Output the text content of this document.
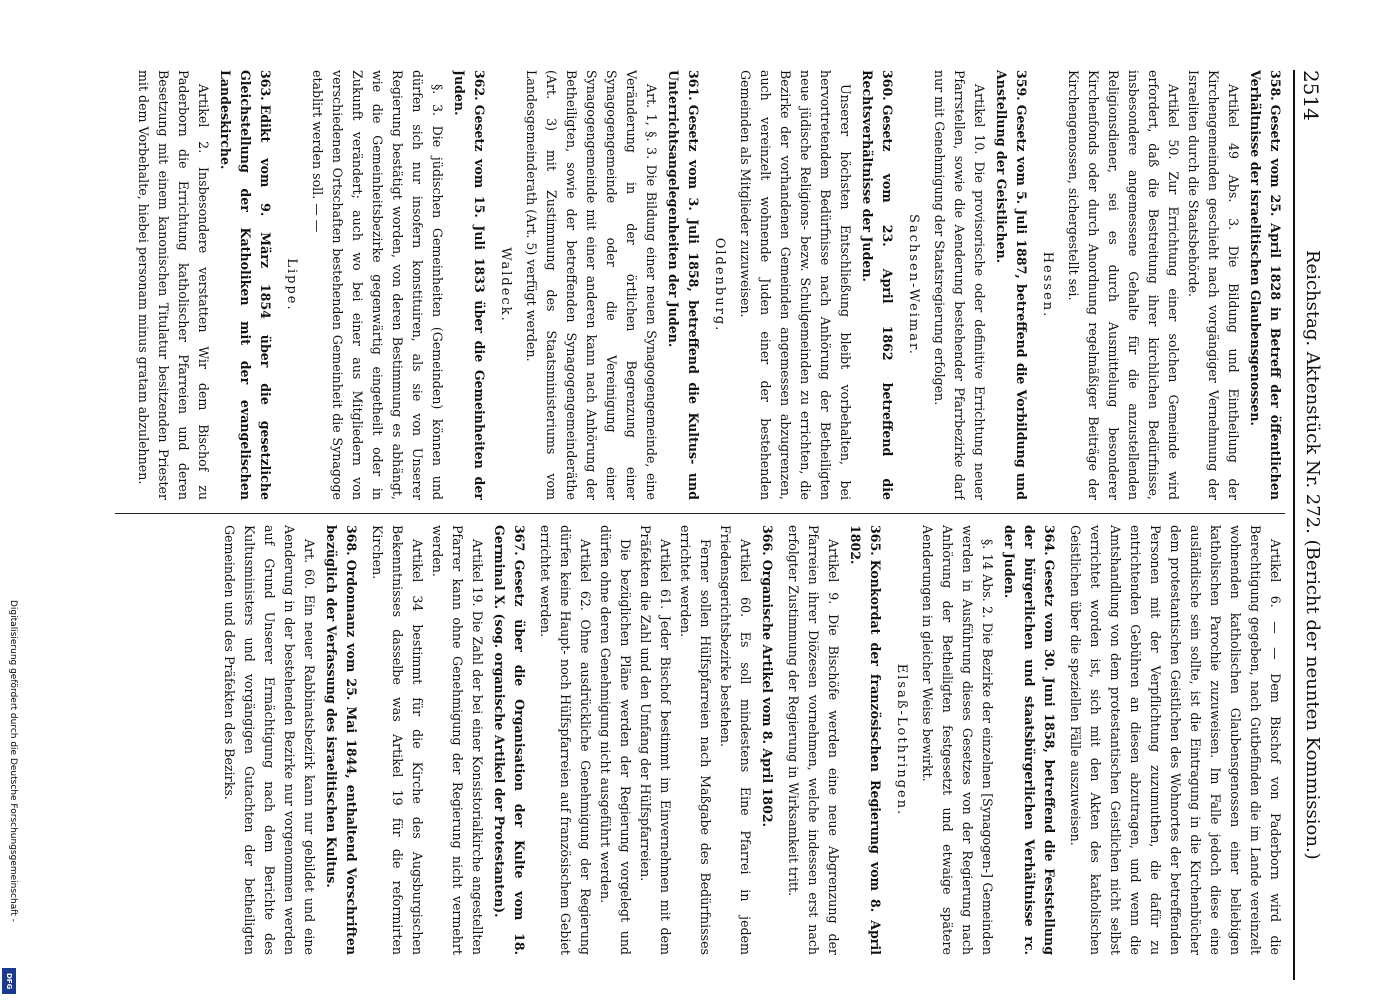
2514
Reichstag. Aktenstück Nr. 272. (Bericht der neunten Kommission.)

358.Gesetz vom 25. April 1828 in Betreff der öffentlichen Verhältnisse der israelitischen Glaubensgenossen.

Artikel 49 Abs. 3. Die Bildung und Eintheilung der Kirchengemeinden geschieht nach vorgängiger Vernehmung der Israeliten durch die Staatsbehörde.

Artikel 50. Zur Errichtung einer solchen Gemeinde wird erfordert, daß die Bestreitung ihrer kirchlichen Bedürfnisse, insbesondere angemessene Gehalte für die anzustellenden Religionsdiener, sei es durch Ausmittelung besonderer Kirchenfonds oder durch Anordnung regelmäßiger Beiträge der Kirchengenossen, sichergestellt sei.

Hessen.

359.Gesetz vom 5. Juli 1887, betreffend die Vorbildung und Anstellung der Geistlichen.

Artikel 10. Die provisorische oder definitive Errichtung neuer Pfarrstellen, sowie die Aenderung bestehender Pfarrbezirke darf nur mit Genehmigung der Staatsregierung erfolgen.

Sachsen-Weimar.

360.Gesetz vom 23. April 1862 betreffend die Rechtsverhältnisse der Juden.

Unserer höchsten Entschließung bleibt vorbehalten, bei hervortretendem Bedürfnisse nach Anhörung der Betheiligten neue jüdische Religions- bezw. Schulgemeinden zu errichten, die Bezirke der vorhandenen Gemeinden angemessen abzugrenzen, auch vereinzelt wohnende Juden einer der bestehenden Gemeinden als Mitglieder zuzuweisen.

Oldenburg.

361.Gesetz vom 3. Juli 1858, betreffend die Kultus- und Unterrichtsangelegenheiten der Juden.

Art. 1, §. 3. Die Bildung einer neuen Synagogengemeinde, eine Veränderung in der örtlichen Begrenzung einer Synagogengemeinde oder die Vereinigung einer Synagogengemeinde mit einer anderen kann nach Anhörung der Betheiligten, sowie der betreffenden Synagogengemeinderäthe (Art. 3) mit Zustimmung des Staatsministeriums vom Landesgemeinderath (Art. 5) verfügt werden.

Waldeck.

362.Gesetz vom 15. Juli 1833 über die Gemeinheiten der Juden.

§. 3. Die jüdischen Gemeinheiten (Gemeinden) können und dürfen sich nur insofern konstituiren, als sie von Unserer Regierung bestätigt worden, von deren Bestimmung es abhängt, wie die Gemeinheitsbezirke gegenwärtig eingetheilt oder in Zukunft verändert; auch wo bei einer aus Mitgliedern von verschiedenen Ortschaften bestehenden Gemeinheit die Synagoge etablirt werden soll. — —

Lippe.

363.Edikt vom 9. März 1854 über die gesetzliche Gleichstellung der Katholiken mit der evangelischen Landeskirche.

Artikel 2. Insbesondere verstatten Wir dem Bischof zu Paderborn die Errichtung katholischer Pfarreien und deren Besetzung mit einem kanonischen Titulatur besitzenden Priester mit dem Vorbehalte, hiebei personam minus gratam abzulehnen.

Artikel 6. — — Dem Bischof von Paderborn wird die Berechtigung gegeben, nach Gutbefinden die im Lande vereinzelt wohnenden katholischen Glaubensgenossen einer beliebigen katholischen Parochie zuzuweisen. Im Falle jedoch diese eine ausländische sein sollte, ist die Eintragung in die Kirchenbücher dem protestantischen Geistlichen des Wohnortes der betreffenden Personen mit der Verpflichtung zuzumuthen, die dafür zu entrichtenden Gebühren an diesen abzutragen, und wenn die Amtshandlung von dem protestantischen Geistlichen nicht selbst verrichtet worden ist, sich mit den Akten des katholischen Geistlichen über die speziellen Fälle auszuweisen.

364.Gesetz vom 30. Juni 1858, betreffend die Feststellung der bürgerlichen und staatsbürgerlichen Verhältnisse rc. der Juden.

§. 14 Abs. 2. Die Bezirke der einzelnen [Synagogen-] Gemeinden werden in Ausführung dieses Gesetzes von der Regierung nach Anhörung der Betheiligten festgesetzt und etwaige spätere Aenderungen in gleicher Weise bewirkt.

Elsaß-Lothringen.

365.Konkordat der französischen Regierung vom 8. April 1802.

Artikel 9. Die Bischöfe werden eine neue Abgrenzung der Pfarreien ihrer Diözesen vornehmen, welche indessen erst nach erfolgter Zustimmung der Regierung in Wirksamkeit tritt.

366.Organische Artikel vom 8. April 1802.

Artikel 60. Es soll mindestens Eine Pfarrei in jedem Friedensgerichtsbezirke bestehen.

Ferner sollen Hülfspfarreien nach Maßgabe des Bedürfnisses errichtet werden.

Artikel 61. Jeder Bischof bestimmt im Einvernehmen mit dem Präfekten die Zahl und den Umfang der Hülfspfarreien.

Die bezüglichen Pläne werden der Regierung vorgelegt und dürfen ohne deren Genehmigung nicht ausgeführt werden.

Artikel 62. Ohne ausdrückliche Genehmigung der Regierung dürfen keine Haupt- noch Hülfspfarreien auf französischem Gebiet errichtet werden.

367.Gesetz über die Organisation der Kulte vom 18. Germinal X. (sog. organische Artikel der Protestanten).

Artikel 19. Die Zahl der bei einer Konsistorialkirche angestellten Pfarrer kann ohne Genehmigung der Regierung nicht vermehrt werden.

Artikel 34 bestimmt für die Kirche des Augsburgischen Bekenntnisses dasselbe was Artikel 19 für die reformirten Kirchen.

368.Ordonnanz vom 25. Mai 1844, enthaltend Vorschriften bezüglich der Verfassung des israelitischen Kultus.

Art. 60. Ein neuer Rabbinatsbezirk kann nur gebildet und eine Aenderung in der bestehenden Bezirke nur vorgenommen werden auf Grund Unserer Ermächtigung nach dem Berichte des Kultusministers und vorgängigen Gutachten der betheiligten Gemeinden und des Präfekten des Bezirks.

Digitalisierung gefördert durch die Deutsche Forschungsgemeinschaft -
DFG
